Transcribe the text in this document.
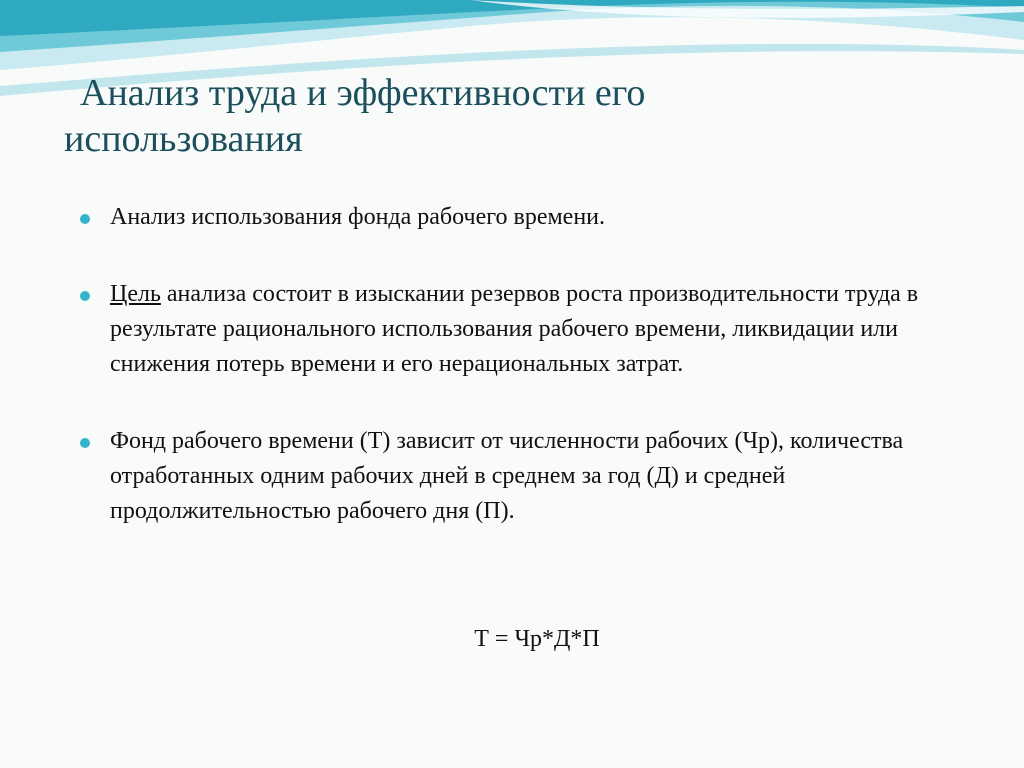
Анализ труда и эффективности его
использования
Анализ использования фонда рабочего времени.
Цель анализа состоит в изыскании резервов роста производительности труда в результате рационального использования рабочего времени, ликвидации или снижения потерь времени и его нерациональных затрат.
Фонд рабочего времени (Т) зависит от численности рабочих (Чр), количества отработанных одним рабочих дней в среднем за год (Д) и средней продолжительностью рабочего дня (П).
Т = Чр*Д*П
